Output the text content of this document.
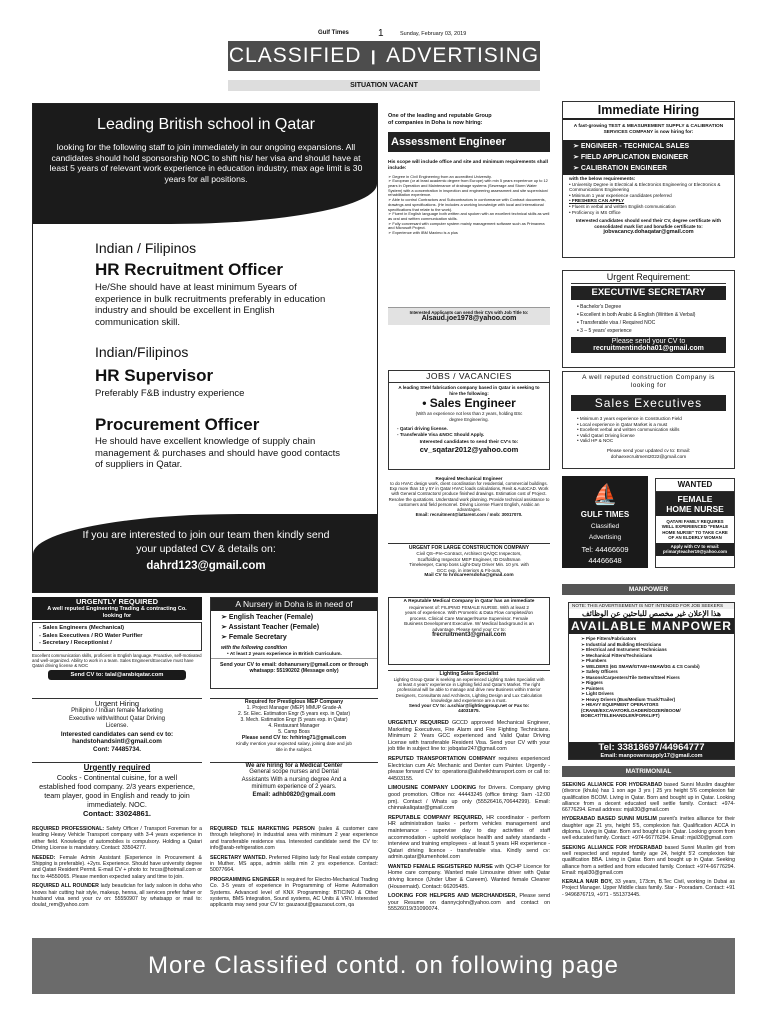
Gulf Times	1	Sunday, February 03, 2019
CLASSIFIED ❙ ADVERTISING
SITUATION VACANT
Leading British school in Qatar
looking for the following staff to join immediately in our ongoing expansions. All candidates should hold sponsorship NOC to shift his/ her visa and should have at least 5 years of relevant work experience in education industry, max age limit is 30 years for all positions.
Indian / Filipinos
HR Recruitment Officer
He/She should have at least minimum 5years of experience in bulk recruitments preferably in education industry and should be excellent in English communication skill.
Indian/Filipinos
HR Supervisor
Preferably F&B industry experience
Procurement Officer
He should have excellent knowledge of supply chain management & purchases and should have good contacts of suppliers in Qatar.
If you are interested to join our team then kindly send your updated CV & details on:
dahrd123@gmail.com
One of the leading and reputable Group of companies in Doha is now hiring:
Assessment Engineer
His scope will include office and site and minimum requirements shall include:
➢ Degree in Civil Engineering from an accredited University.
➢ European (or at least academic degree from Europe) with min 5 years experience up to 12 years in Operation and Maintenance of drainage systems (Sewerage and Storm Water System) with a concentration in inspection and engineering assessment and site supervision/ rehabilitation experience.
➢ Able to control Contractors and Subcontractors in conformance with Contract documents, drawings and specifications. (He includes a working knowledge with local and international specifications that relate to the work).
➢ Fluent in English language both written and spoken with an excellent technical skills as well as oral and written communication skills.
➢ Fully conversant with computer system mainly management software such as Primavera and Microsoft Project.
➢ Experience with IBM Maximo is a plus
Interested Applicants can send their CVs with Job Title to:
Alsaud.joe1978@yahoo.com
Immediate Hiring
A fast-growing TEST & MEASUREMENT SUPPLY & CALIBRATION SERVICES COMPANY is now hiring for:
➢ ENGINEER - TECHNICAL SALES
➢ FIELD APPLICATION ENGINEER
➢ CALIBRATION ENGINEER
with the below requirements:
• University Degree in Electrical & Electronics Engineering or Electronics & Communications Engineering
• Minimum 1 year experience candidates preferred
• FRESHERS CAN APPLY
• Fluent in verbal and written English communication
• Proficiency in MS Office
Interested candidates should send their CV, degree certificate with consolidated mark list and bonafide certificate to:
jobvacancy.dohaqatar@gmail.com
Urgent Requirement:
EXECUTIVE SECRETARY
• Bachelor's Degree
• Excellent in both Arabic & English (Written & Verbal)
• Transferable visa / Required NOC
• 3 – 5 years' experience
Please send your CV to
recruitmentindoha01@gmail.com
JOBS / VACANCIES
A leading Steel fabrication company based in Qatar is seeking to hire the following:
• Sales Engineer
(With an experience not less than 2 years, holding BSc degree Engineering.
- Qatari driving license.
- Transferable Visa &NOC Should Apply.
Interested candidates to send their CV's to:
cv_sqatar2012@yahoo.com
A well reputed construction Company is looking for
Sales Executives
• Minimum 3 years experience in Construction Field
• Local experience in Qatar Market is a must
• Excellent verbal and written communication skills
• Valid Qatari Driving license
• Valid HP & NOC
Please send your updated cv to: Email: dohaexecruitment2022@gmail.com
Required Mechanical Engineer
to do HVAC design work, client coordination for residential, commercial buildings. Exp more than 10 y 5Y in Qatar HVAC loads calculations, Revit & AutoCAD. Work with General Contractors/ produce finished drawings. Estimation cost of Project. Resolve the quotations. Understand work planning. Provide technical assistance to customers and field personnel. Driving License Fluent English, Arabic an advantages.
Email: recruitment@lattarent.com / mob: 30017070.
⛵
GULF TIMES
Classified
Advertising
Tel: 44466609
44466648
WANTED
FEMALE
HOME NURSE
QATARI FAMILY REQUIRES WELL EXPERIENCED "FEMALE HOME NURSE" TO TAKE CARE OF AN ELDERLY WOMAN
Apply with CV to email:
primaryteacher19@yahoo.com
URGENT FOR LARGE CONSTRUCTION COMPANY
Civil QS–Pre-Contract, Architect QA/QC Inspectors, Scaffolding Inspector MEP Engineer, ID Draftsman Timekeeper, Camp boss Light-Duty Driver Min. 10 yrs. with GCC exp. in interiors & Fit-outs.
Mail CV to hrdcareersdoha@gmail.com
MANPOWER
NOTE: THIS ADVERTISEMENT IS NOT INTENDED FOR JOB SEEKERS
هذا الإعلان غير مخصص للباحثين عن الوظائف
AVAILABLE MANPOWER
➢ Pipe Fitters/Fabricators
➢ Industrial and Building Electricians
➢ Electrical and Instrument Technicians
➢ Mechanical Fitters/Technicians
➢ Plumbers
➢ WELDERS (6G SMAW/GTAW+SMAW/3G & CS Combi)
➢ Safety Officers
➢ Masons/Carpenters/Tile Setters/Steel Fixers
➢ Riggers
➢ Painters
➢ Light Drivers
➢ Heavy Drivers (Bus/Medium Truck/Trailer)
➢ HEAVY EQUIPMENT OPERATORS (CRANE/EXCAVATOR/LOADER/DOZER/BOOM/ BOBCAT/TELEHANDLER/FORKLIFT)
Tel: 33818697/44964777
Email: manpowersupply17@gmail.com
URGENTLY REQUIRED
A well reputed Engineering Trading & contracting Co. looking for
- Sales Engineers (Mechanical)
- Sales Executives / RO Water Purifier
- Secretary / Receptionist /
Excellent communication skills, proficient in English language. Proactive, self-motivated and well-organized. Ability to work in a team. Sales Engineers/Executive must have Qatari driving license & NOC
Send CV to: talal@arabiqatar.com
A Nursery in Doha is in need of
➢ English Teacher (Female)
➢ Assistant Teacher (Female)
➢ Female Secretary
with the following condition
• At least 2 years experience in British Curriculum.
Send your CV to email: dohanursery@gmail.com or through whatsapp: 55190202 (Message only)
A Reputable Medical Company in Qatar has an immediate
requirement of: FILIPINO FEMALE NURSE. With at least 2 years of experience. With Prometric & Data Flow completed/on process. Clinical Care Manager/Nurse Supervisor. Female Business Development Executive. W/ Medical background is an advantage. Please send your CV to:
frecruitment3@gmail.com
Lighting Sales Specialist
Lighting Group Qatar is seeking an experienced Lighting Sales Specialist with at least 4 years' experience in Lighting field and Qatar's Market. The right professional will be able to manage and drive new Business within Interior Designers, Consultants and Architects, Lighting Design and Lux Calculation knowledge and experience are a must.
Send your CV to: a.schiar@lightinggroup.net or Fax to: 44031875.
Urgent Hiring
Philipino / Indian female Marketing Executive with/without Qatar Driving License.
Interested candidates can send cv to:
handstohandsintl@gmail.com
Cont: 74485734.
Required for Prestigious MEP Company
1. Project Manager (MEP) MMUP Grade-A
2. Sr. Elec. Estimation Engr (5 years exp. in Qatar)
3. Mech. Estimation Engr (5 years exp. in Qatar)
4. Restaurant Manager
5. Camp Boss
Please send CV to: hrhiring71@gmail.com
Kindly mention your expected salary, joining date and job title in the subject.

URGENTLY REQUIRED GCCD approved Mechanical Engineer, Marketing Executives, Fire Alarm and Fire Fighting Technicians. Minimum 2 Years GCC experienced and Valid Qatar Driving License with transferable Resident Visa. Send your CV with your job title in subject line to: jobqatar247@gmail.com

REPUTED TRANSPORTATION COMPANY requires experienced Electrician cum A/c Mechanic and Denter cum Painter. Urgently - please forward CV to: operations@alsheikhtransport.com or call to: 44503155.

LIMOUSINE COMPANY LOOKING for Drivers. Company giving good promotion. Office no: 44443245 (office timing: 9am -12:00 pm). Contact / Whats up only (55526416,70644299). Email: chinnakaliqatar@gmail.com

REPUTABLE COMPANY REQUIRED, HR coordinator - perform HR administration tasks - perform vehicles management and maintenance - supervise day to day activities of staff accommodation - uphold workplace health and safety standards - interview and training employees - at least 5 years HR experience - Qatari driving licence - transferable visa. Kindly send cv: admin.qatar@lumenhotel.com

WANTED FEMALE REGISTERED NURSE with QCHP Licence for Home care company. Wanted male Limousine driver with Qatar driving licence (Under Uber & Careem). Wanted female Cleaner (Housemaid). Contact: 66205485.

LOOKING FOR HELPERS AND MERCHANDISER, Please send your Resume on dannycjohn@yahoo.com and contact on 55526019/31090074.

Urgently required
Cooks - Continental cuisine, for a well established food company. 2/3 years experience, team player, good in English and ready to join immediately. NOC.
Contact: 33024861.
We are hiring for a Medical Center
General scope nurses and Dental Assistants With a nursing degree And a minimum experience of 2 years.
Email: adhb0820@gmail.com

REQUIRED PROFESSIONAL: Safety Officer / Transport Foreman for a leading Heavy Vehicle Transport company with 3-4 years experience in either field. Knowledge of automobiles is compulsory. Holding a Qatari Driving License is mandatory. Contact: 33504277.

NEEDED: Female Admin Assistant (Experience in Procurement & Shipping is preferable). +2yrs. Experience. Should have university degree and Qatari Resident Permit. E-mail CV + photo to: hrcss@hotmail.com or fax to 44550065. Please mention expected salary and time to join.

REQUIRED ALL ROUNDER lady beautician for lady saloon in doha who knows hair cutting hair style, makeup, henna, all services prefer father or husband visa send your cv on: 55550907 by whatsapp or mail to: doulat_rem@yahoo.com

REQUIRED TELE MARKETING PERSON (sales & customer care through telephone) in industrial area with minimum 2 year experience and transferable residence visa. Interested candidate send the CV to: info@arab-refrigeration.com

SECRETARY WANTED. Preferred Filipino lady for Real estate company in Muther. MS apps, admin skills min 2 yrs experience. Contact: 50077664.

PROGRAMMING ENGINEER is required for Electro-Mechanical Trading Co. 3-5 years of experience in Programming of Home Automation Systems. Advanced level of KNX Programming: BTICINO & Other systems, BMS Integration, Sound systems, AC Units & VRV. Interested applicants may send your CV to: gauzaout@gauzaout.com, qa

MATRIMONIAL

SEEKING ALLIANCE FOR HYDERABAD based Sunni Muslim daughter (divorce (khula) has 1 son age 3 yrs | 25 yrs height 5'6 complexion fair qualification BCOM. Living in Qatar. Born and bought up in Qatar. Looking alliance from a decent educated well settle family. Contact: +974-66776294. Email address: mjali30@gmail.com

HYDERABAD BASED SUNNI MUSLIM parent's invites alliance for their daughter age 21 yrs, height 5'5, complexion fair. Qualification ACCA in diploma. Living in Qatar. Born and bought up in Qatar. Looking groom from well educated family. Contact: +974-66776294. Email: mjali30@gmail.com

SEEKING ALLIANCE FOR HYDERABAD based Sunni Muslim girl from well respected and reputed family age 24, height 5'2 complexion fair qualification BBA. Living in Qatar. Born and bought up in Qatar. Seeking alliance from a settled and from educated family. Contact: +974-66776294. Email: mjali30@gmail.com

KERALA NAIR BOY, 33 years, 173cm, B.Tec Civil, working in Dubai as Project Manager. Upper Middle class family. Star - Pooradam. Contact: +91 - 9496876719, +971 - 551373445.

More Classified contd. on following page
